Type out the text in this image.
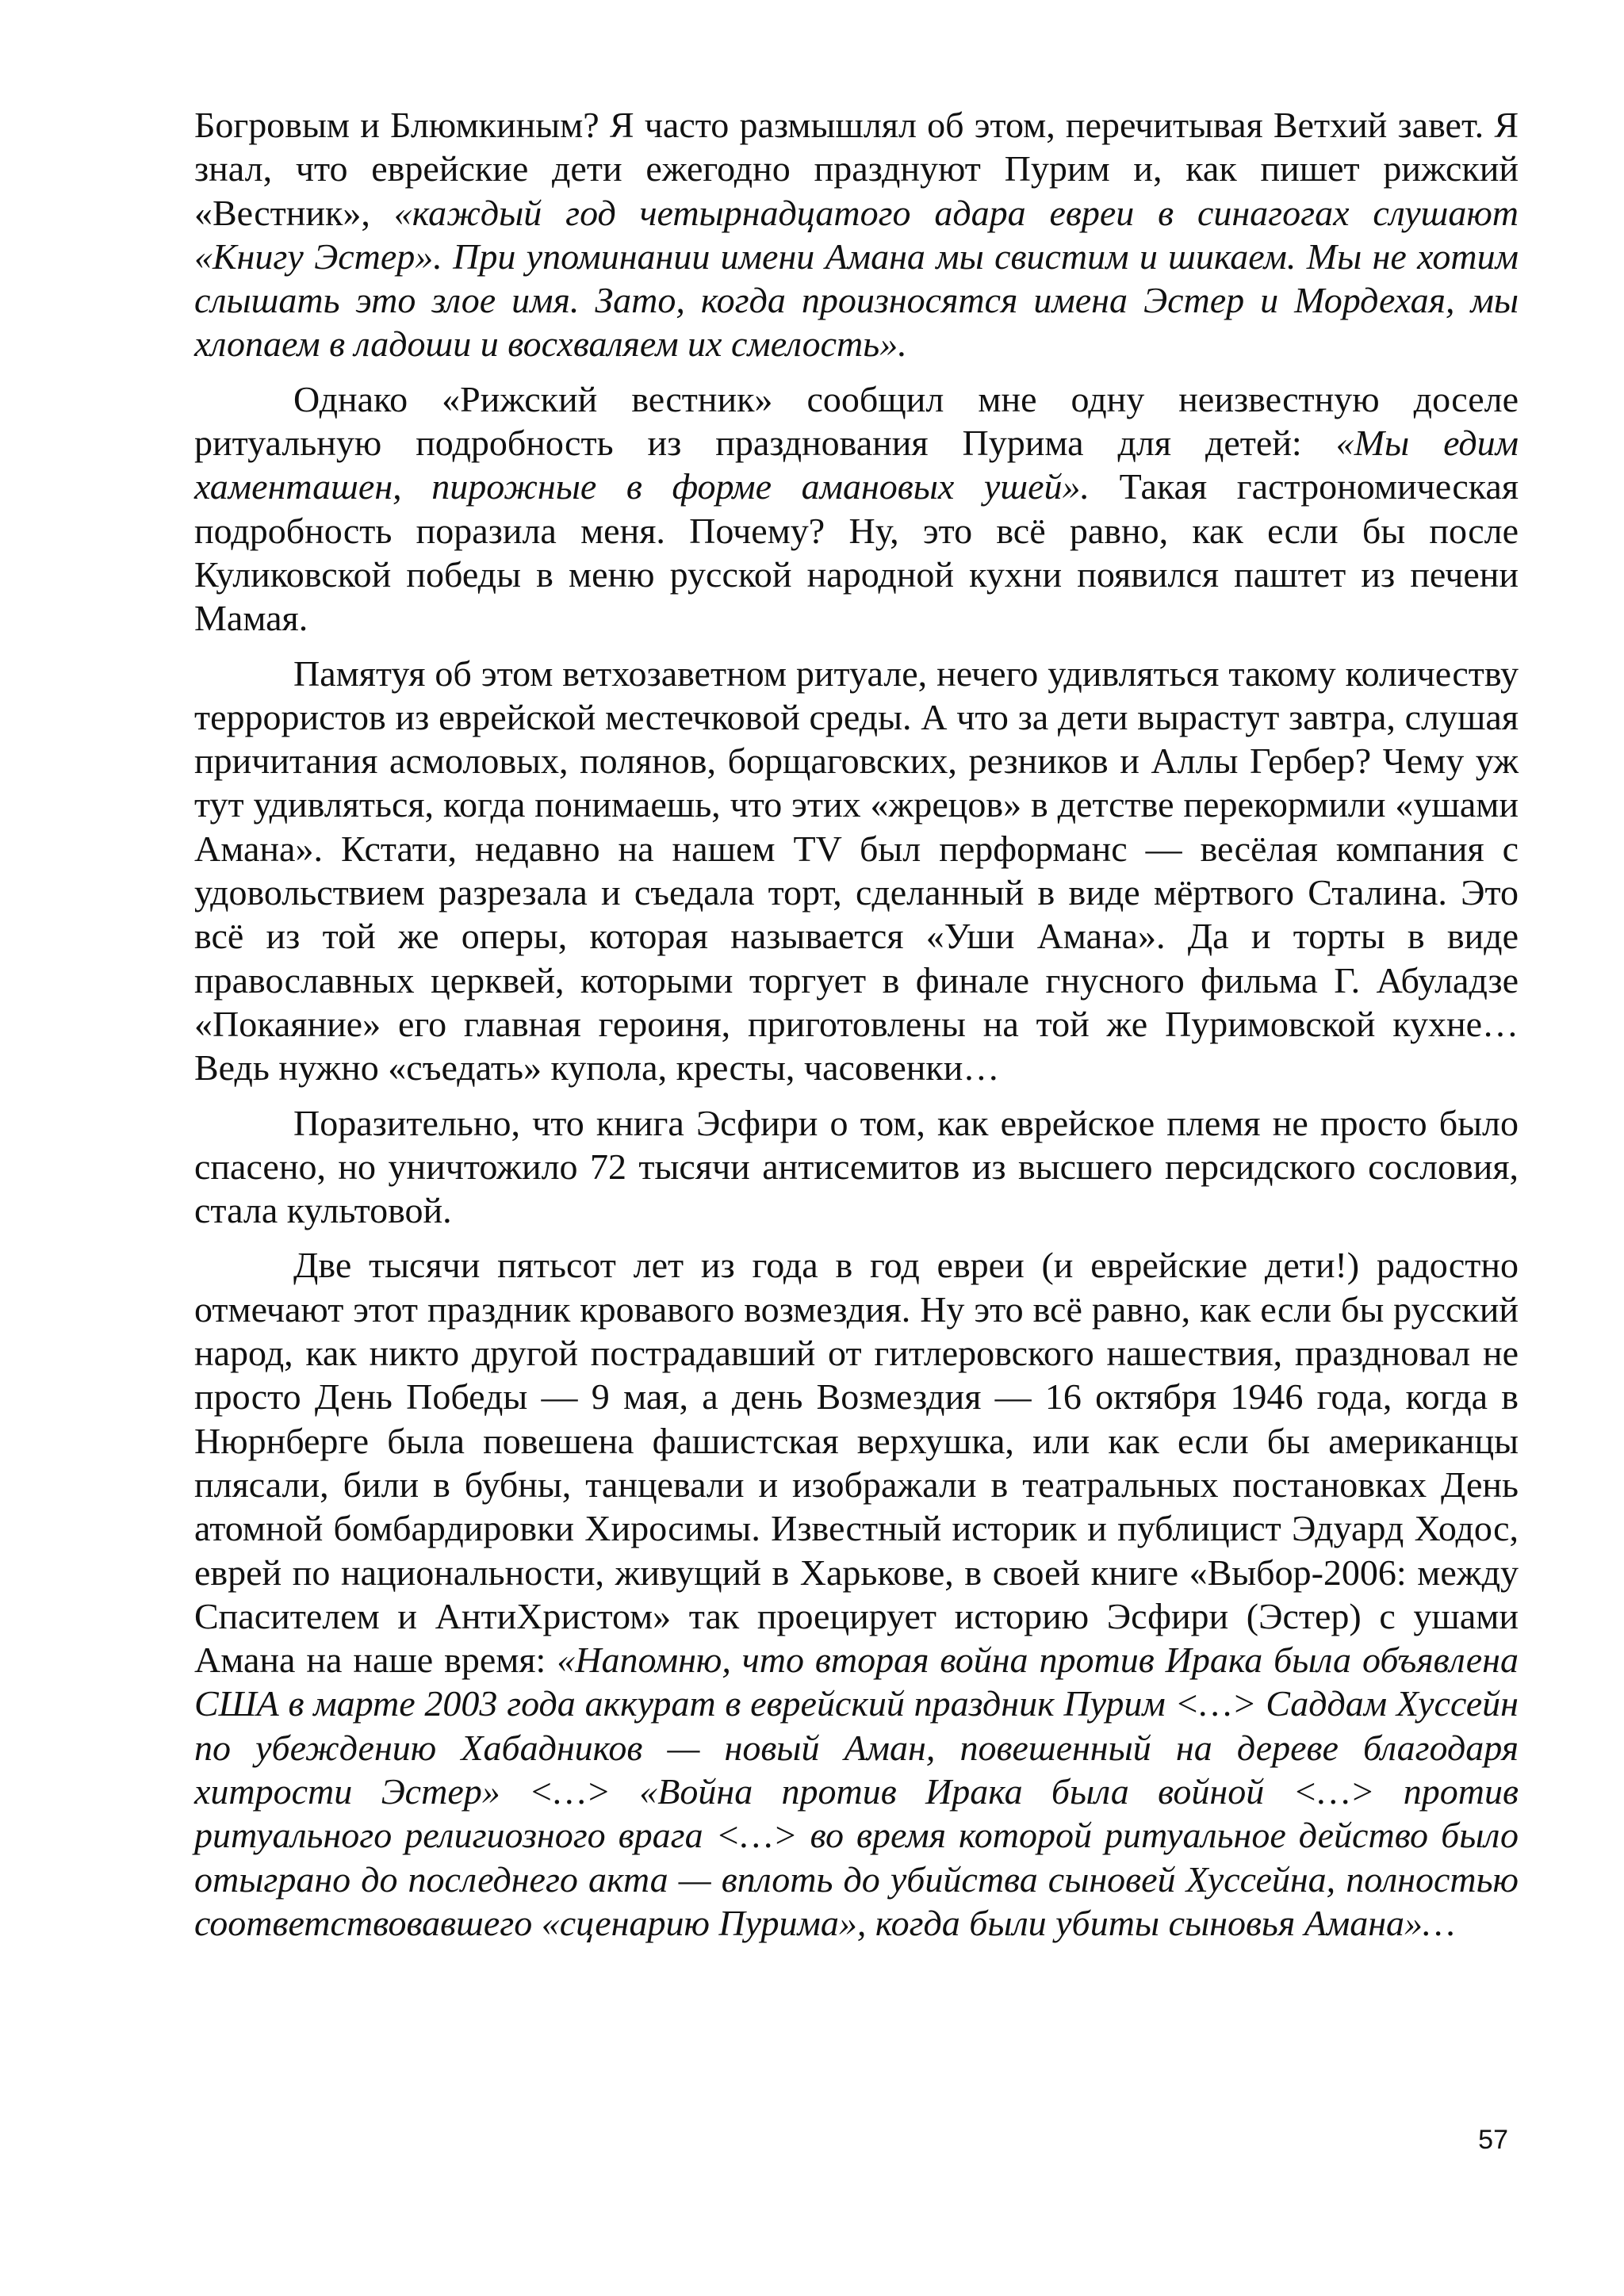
Богровым и Блюмкиным? Я часто размышлял об этом, перечитывая Ветхий завет. Я знал, что еврейские дети ежегодно празднуют Пурим и, как пишет рижский «Вестник», «каждый год четырнадцатого адара евреи в синагогах слушают «Книгу Эстер». При упоминании имени Амана мы свистим и шикаем. Мы не хотим слышать это злое имя. Зато, когда произносятся имена Эстер и Мордехая, мы хлопаем в ладоши и восхваляем их смелость».

Однако «Рижский вестник» сообщил мне одну неизвестную доселе ритуальную подробность из празднования Пурима для детей: «Мы едим хаменташен, пирожные в форме амановых ушей». Такая гастрономическая подробность поразила меня. Почему? Ну, это всё равно, как если бы после Куликовской победы в меню русской народной кухни появился паштет из печени Мамая.

Памятуя об этом ветхозаветном ритуале, нечего удивляться такому количеству террористов из еврейской местечковой среды. А что за дети вырастут завтра, слушая причитания асмоловых, полянов, борщаговских, резников и Аллы Гербер? Чему уж тут удивляться, когда понимаешь, что этих «жрецов» в детстве перекормили «ушами Амана». Кстати, недавно на нашем TV был перформанс — весёлая компания с удовольствием разрезала и съедала торт, сделанный в виде мёртвого Сталина. Это всё из той же оперы, которая называется «Уши Амана». Да и торты в виде православных церквей, которыми торгует в финале гнусного фильма Г. Абуладзе «Покаяние» его главная героиня, приготовлены на той же Пуримовской кухне… Ведь нужно «съедать» купола, кресты, часовенки…

Поразительно, что книга Эсфири о том, как еврейское племя не просто было спасено, но уничтожило 72 тысячи антисемитов из высшего персидского сословия, стала культовой.

Две тысячи пятьсот лет из года в год евреи (и еврейские дети!) радостно отмечают этот праздник кровавого возмездия. Ну это всё равно, как если бы русский народ, как никто другой пострадавший от гитлеровского нашествия, праздновал не просто День Победы — 9 мая, а день Возмездия — 16 октября 1946 года, когда в Нюрнберге была повешена фашистская верхушка, или как если бы американцы плясали, били в бубны, танцевали и изображали в театральных постановках День атомной бомбардировки Хиросимы. Известный историк и публицист Эдуард Ходос, еврей по национальности, живущий в Харькове, в своей книге «Выбор-2006: между Спасителем и АнтиХристом» так проецирует историю Эсфири (Эстер) с ушами Амана на наше время: «Напомню, что вторая война против Ирака была объявлена США в марте 2003 года аккурат в еврейский праздник Пурим <…> Саддам Хуссейн по убеждению Хабадников — новый Аман, повешенный на дереве благодаря хитрости Эстер» <…> «Война против Ирака была войной <…> против ритуального религиозного врага <…> во время которой ритуальное действо было отыграно до последнего акта — вплоть до убийства сыновей Хуссейна, полностью соответствовавшего «сценарию Пурима», когда были убиты сыновья Амана»…

57
